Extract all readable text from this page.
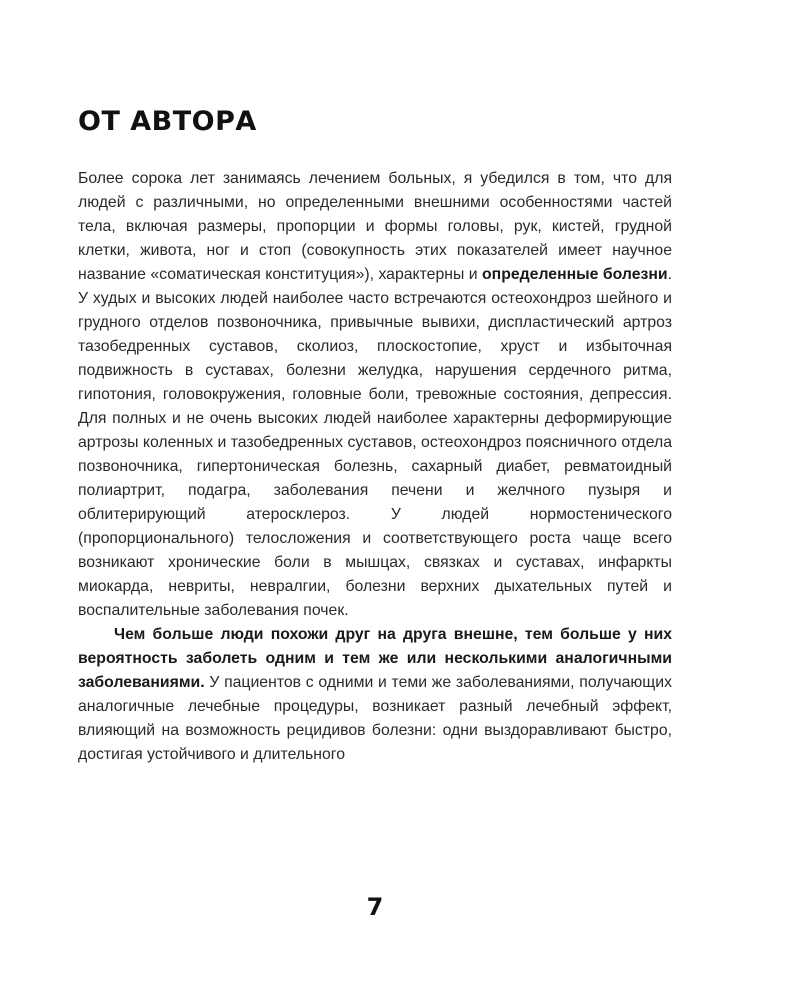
ОТ АВТОРА

Более сорока лет занимаясь лечением больных, я убедился в том, что для людей с различными, но определенными внешними особенностями частей тела, включая размеры, пропорции и формы головы, рук, кистей, грудной клетки, живота, ног и стоп (совокупность этих показателей имеет научное название «соматическая конституция»), характерны и определенные болезни. У худых и высоких людей наиболее часто встречаются остеохондроз шейного и грудного отделов позвоночника, привычные вывихи, диспластический артроз тазобедренных суставов, сколиоз, плоскостопие, хруст и избыточная подвижность в суставах, болезни желудка, нарушения сердечного ритма, гипотония, головокружения, головные боли, тревожные состояния, депрессия. Для полных и не очень высоких людей наиболее характерны деформирующие артрозы коленных и тазобедренных суставов, остеохондроз поясничного отдела позвоночника, гипертоническая болезнь, сахарный диабет, ревматоидный полиартрит, подагра, заболевания печени и желчного пузыря и облитерирующий атеросклероз. У людей нормостенического (пропорционального) телосложения и соответствующего роста чаще всего возникают хронические боли в мышцах, связках и суставах, инфаркты миокарда, невриты, невралгии, болезни верхних дыхательных путей и воспалительные заболевания почек.

Чем больше люди похожи друг на друга внешне, тем больше у них вероятность заболеть одним и тем же или несколькими аналогичными заболеваниями. У пациентов с одними и теми же заболеваниями, получающих аналогичные лечебные процедуры, возникает разный лечебный эффект, влияющий на возможность рецидивов болезни: одни выздоравливают быстро, достигая устойчивого и длительного

7
